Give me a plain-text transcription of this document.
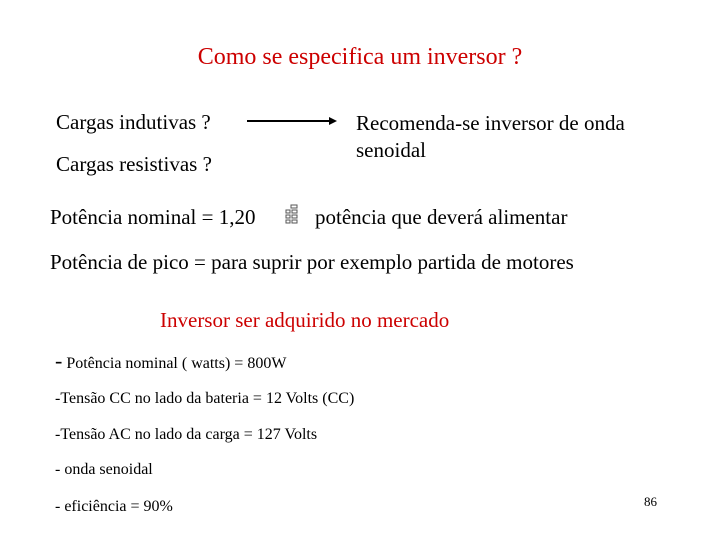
Como se especifica um inversor ?
Cargas indutivas ?
Cargas resistivas ?
Recomenda-se inversor de onda senoidal
Potência nominal = 1,20	potência que deverá alimentar
Potência de pico = para suprir por exemplo partida de motores
Inversor ser adquirido no mercado
- Potência nominal ( watts) = 800W
-Tensão CC no lado da bateria = 12 Volts (CC)
-Tensão AC no lado da carga = 127 Volts
- onda senoidal
- eficiência = 90%	86
